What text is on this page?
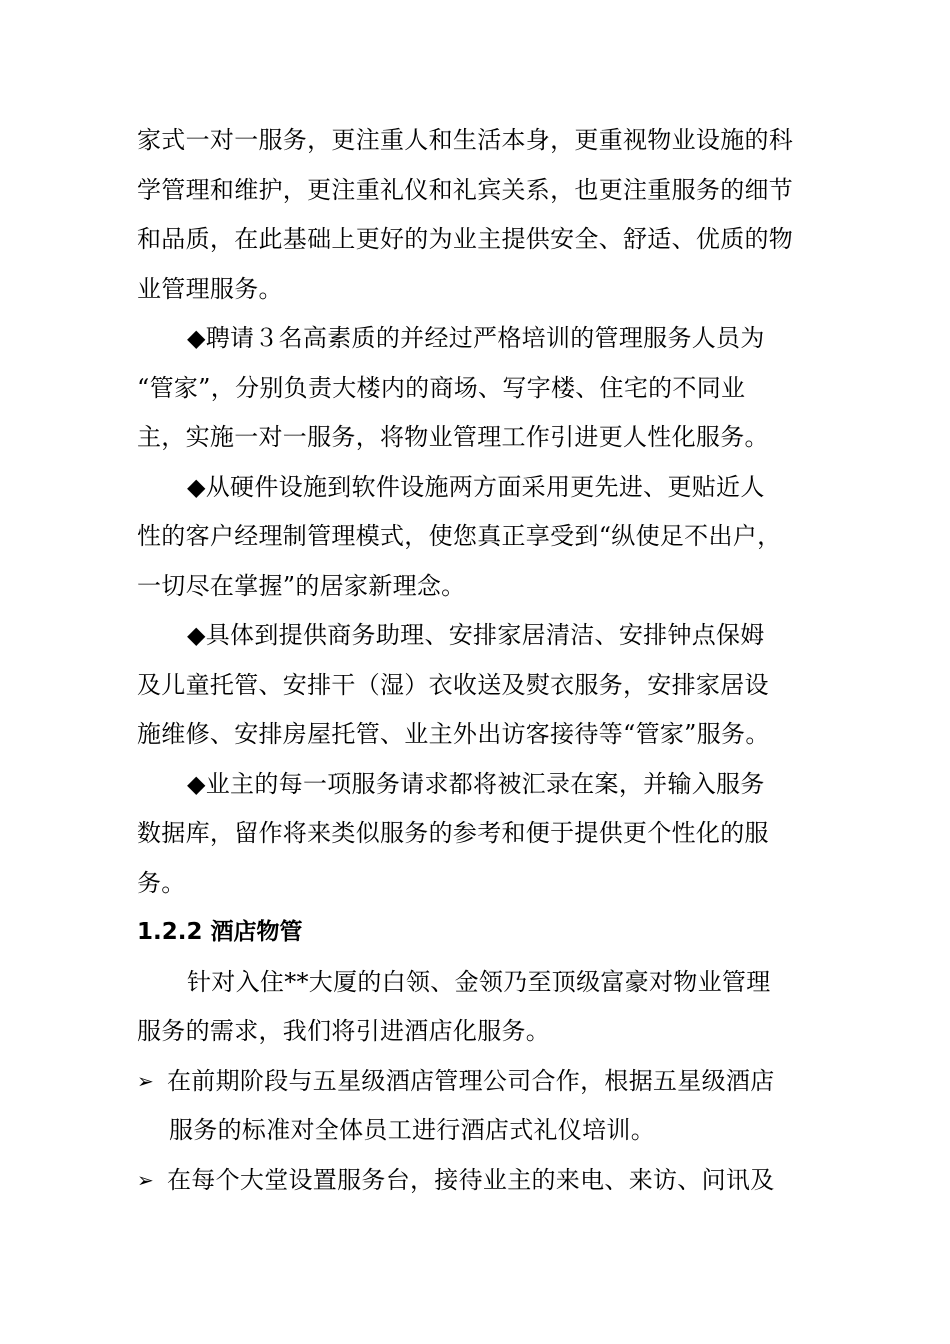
家式一对一服务，更注重人和生活本身，更重视物业设施的科
学管理和维护，更注重礼仪和礼宾关系，也更注重服务的细节
和品质，在此基础上更好的为业主提供安全、舒适、优质的物
业管理服务。
◆聘请３名高素质的并经过严格培训的管理服务人员为
“管家”，分别负责大楼内的商场、写字楼、住宅的不同业
主，实施一对一服务，将物业管理工作引进更人性化服务。
◆从硬件设施到软件设施两方面采用更先进、更贴近人
性的客户经理制管理模式，使您真正享受到“纵使足不出户，
一切尽在掌握”的居家新理念。
◆具体到提供商务助理、安排家居清洁、安排钟点保姆
及儿童托管、安排干（湿）衣收送及熨衣服务，安排家居设
施维修、安排房屋托管、业主外出访客接待等“管家”服务。
◆业主的每一项服务请求都将被汇录在案，并输入服务
数据库，留作将来类似服务的参考和便于提供更个性化的服
务。
1.2.2 酒店物管
针对入住**大厦的白领、金领乃至顶级富豪对物业管理
服务的需求，我们将引进酒店化服务。
➢ 在前期阶段与五星级酒店管理公司合作，根据五星级酒店
服务的标准对全体员工进行酒店式礼仪培训。
➢ 在每个大堂设置服务台，接待业主的来电、来访、问讯及
